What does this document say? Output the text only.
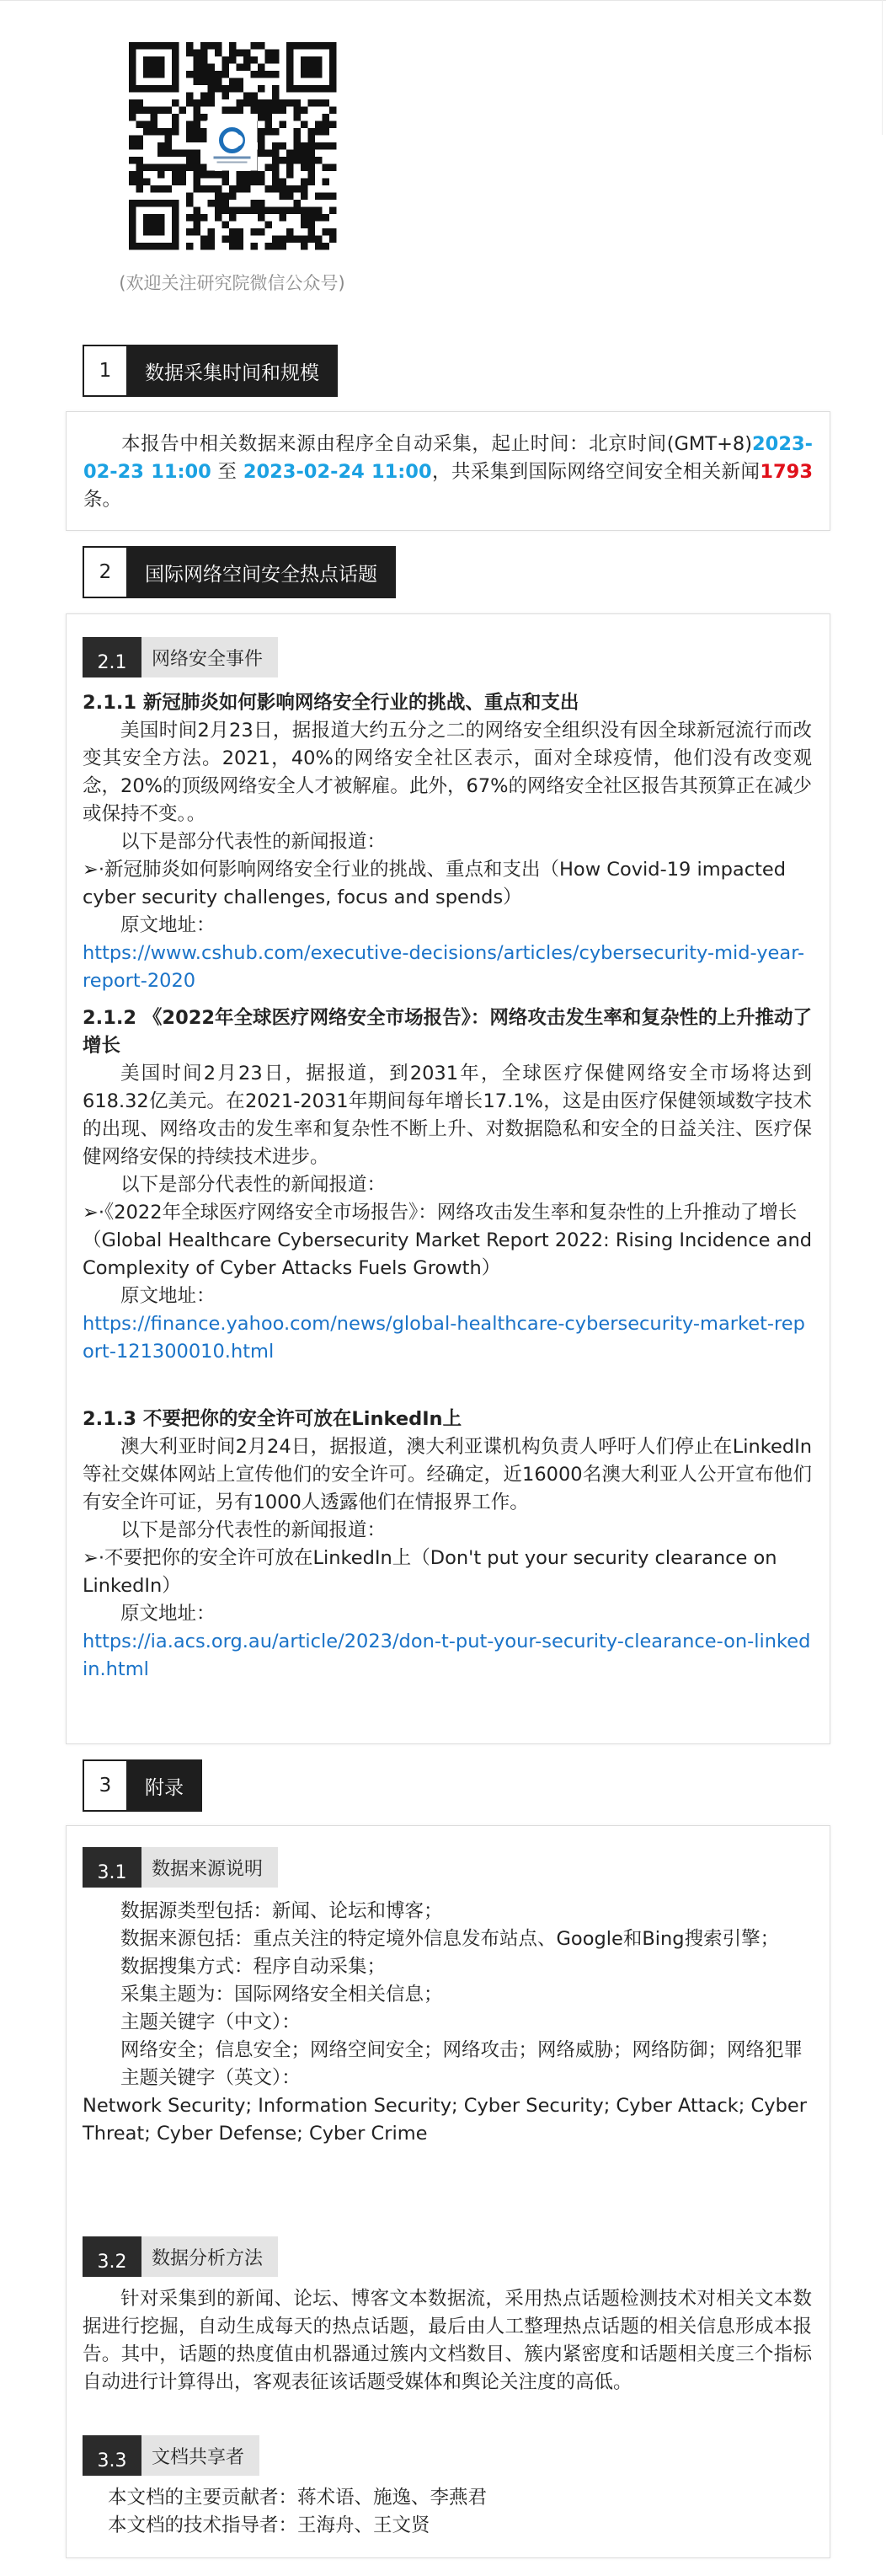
(欢迎关注研究院微信公众号)
1	数据采集时间和规模

本报告中相关数据来源由程序全自动采集，起止时间：北京时间(GMT+8)2023-02-23 11:00 至 2023-02-24 11:00，共采集到国际网络空间安全相关新闻1793条。

2	国际网络空间安全热点话题
2.1	网络安全事件

2.1.1 新冠肺炎如何影响网络安全行业的挑战、重点和支出

美国时间2月23日，据报道大约五分之二的网络安全组织没有因全球新冠流行而改变其安全方法。2021，40%的网络安全社区表示，面对全球疫情，他们没有改变观念，20%的顶级网络安全人才被解雇。此外，67%的网络安全社区报告其预算正在减少或保持不变。。

以下是部分代表性的新闻报道：

➢·新冠肺炎如何影响网络安全行业的挑战、重点和支出（How Covid-19 impacted cyber security challenges, focus and spends）

原文地址：

https://www.cshub.com/executive-decisions/articles/cybersecurity-mid-year-report-2020

2.1.2 《2022年全球医疗网络安全市场报告》：网络攻击发生率和复杂性的上升推动了增长

美国时间2月23日，据报道，到2031年，全球医疗保健网络安全市场将达到618.32亿美元。在2021-2031年期间每年增长17.1%，这是由医疗保健领域数字技术的出现、网络攻击的发生率和复杂性不断上升、对数据隐私和安全的日益关注、医疗保健网络安保的持续技术进步。

以下是部分代表性的新闻报道：

➢·《2022年全球医疗网络安全市场报告》：网络攻击发生率和复杂性的上升推动了增长（Global Healthcare Cybersecurity Market Report 2022: Rising Incidence and Complexity of Cyber Attacks Fuels Growth）

原文地址：

https://finance.yahoo.com/news/global-healthcare-cybersecurity-market-report-121300010.html

2.1.3 不要把你的安全许可放在LinkedIn上

澳大利亚时间2月24日，据报道，澳大利亚谍机构负责人呼吁人们停止在LinkedIn等社交媒体网站上宣传他们的安全许可。经确定，近16000名澳大利亚人公开宣布他们有安全许可证，另有1000人透露他们在情报界工作。

以下是部分代表性的新闻报道：

➢·不要把你的安全许可放在LinkedIn上（Don't put your security clearance on LinkedIn）

原文地址：

https://ia.acs.org.au/article/2023/don-t-put-your-security-clearance-on-linkedin.html

3	附录
3.1	数据来源说明

数据源类型包括：新闻、论坛和博客；

数据来源包括：重点关注的特定境外信息发布站点、Google和Bing搜索引擎；

数据搜集方式：程序自动采集；

采集主题为：国际网络安全相关信息；

主题关键字（中文）：

网络安全；信息安全；网络空间安全；网络攻击；网络威胁；网络防御；网络犯罪

主题关键字（英文）：

Network Security; Information Security; Cyber Security; Cyber Attack; Cyber Threat; Cyber Defense; Cyber Crime

3.2	数据分析方法

针对采集到的新闻、论坛、博客文本数据流，采用热点话题检测技术对相关文本数据进行挖掘，自动生成每天的热点话题，最后由人工整理热点话题的相关信息形成本报告。其中，话题的热度值由机器通过簇内文档数目、簇内紧密度和话题相关度三个指标自动进行计算得出，客观表征该话题受媒体和舆论关注度的高低。

3.3	文档共享者

本文档的主要贡献者：蒋术语、施逸、李燕君

本文档的技术指导者：王海舟、王文贤
